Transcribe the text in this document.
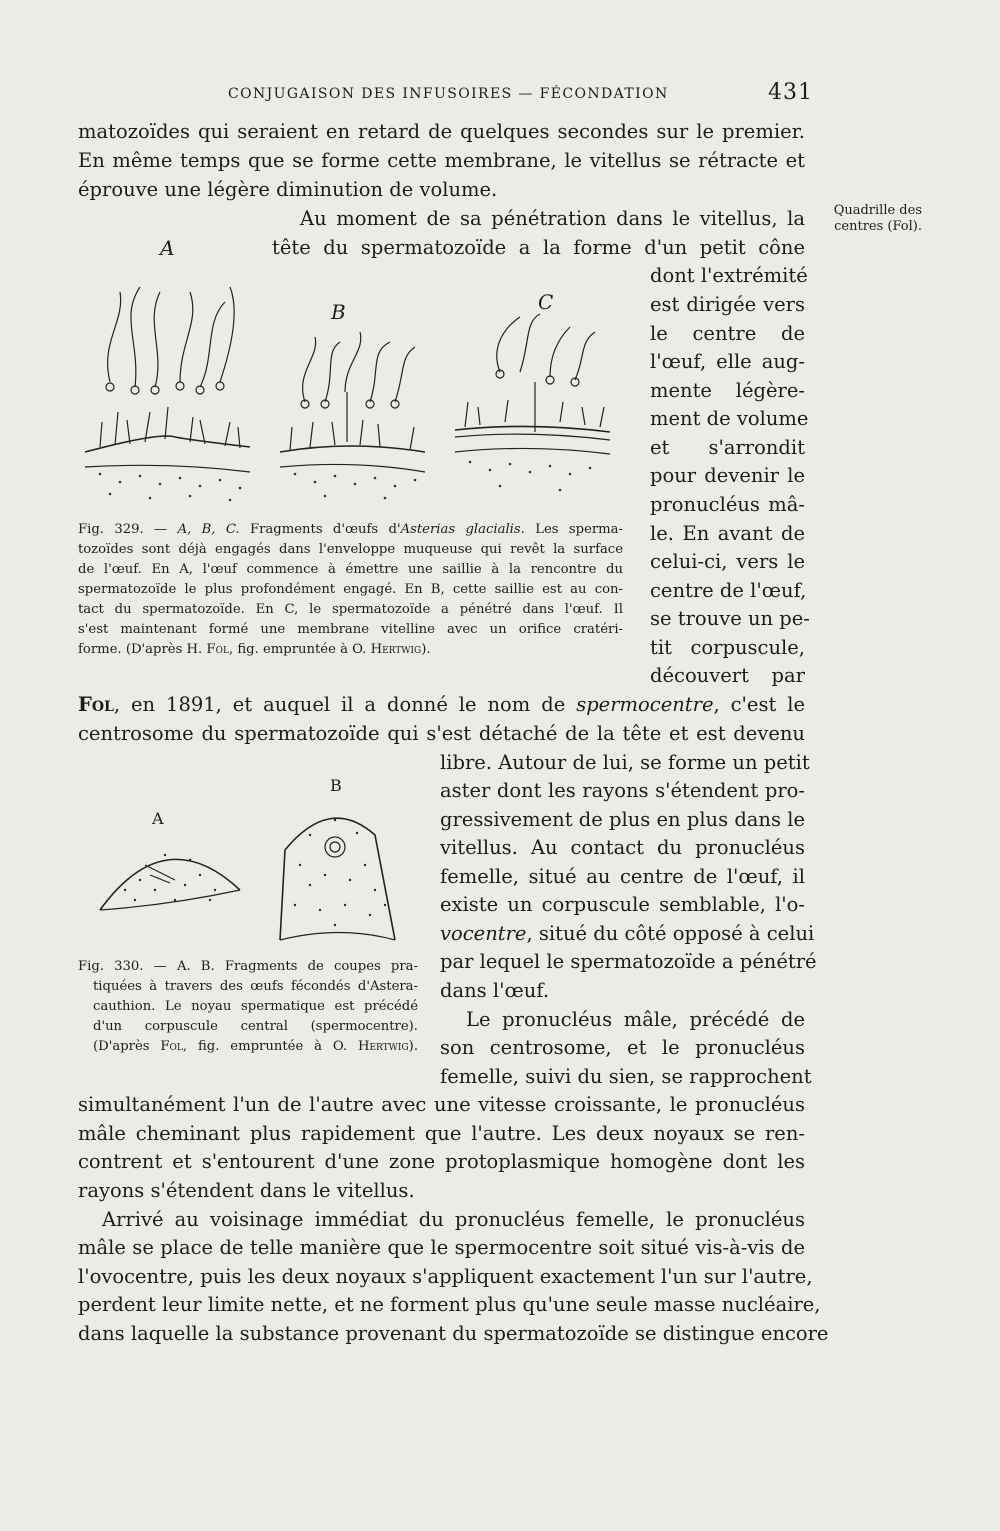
CONJUGAISON DES INFUSOIRES — FÉCONDATION	431
Quadrille des
centres (Fol).
matozoïdes qui seraient en retard de quelques secondes sur le premier.
En même temps que se forme cette membrane, le vitellus se rétracte et
éprouve une légère diminution de volume.
Au moment de sa pénétration dans le vitellus, la
tête du spermatozoïde a la forme d'un petit cône
dont l'extrémité
est dirigée vers
le centre de
l'œuf, elle aug-
mente légère-
ment de volume
et s'arrondit
pour devenir le
pronucléus mâ-
le. En avant de
celui-ci, vers le
centre de l'œuf,
se trouve un pe-
tit corpuscule,
découvert par
Fol, en 1891, et auquel il a donné le nom de spermocentre, c'est le
centrosome du spermatozoïde qui s'est détaché de la tête et est devenu
libre. Autour de lui, se forme un petit
aster dont les rayons s'étendent pro-
gressivement de plus en plus dans le
vitellus. Au contact du pronucléus
femelle, situé au centre de l'œuf, il
existe un corpuscule semblable, l'o-
vocentre, situé du côté opposé à celui
par lequel le spermatozoïde a pénétré
dans l'œuf.
Le pronucléus mâle, précédé de
son centrosome, et le pronucléus
femelle, suivi du sien, se rapprochent
simultanément l'un de l'autre avec une vitesse croissante, le pronucléus
mâle cheminant plus rapidement que l'autre. Les deux noyaux se ren-
contrent et s'entourent d'une zone protoplasmique homogène dont les
rayons s'étendent dans le vitellus.
Arrivé au voisinage immédiat du pronucléus femelle, le pronucléus
mâle se place de telle manière que le spermocentre soit situé vis-à-vis de
l'ovocentre, puis les deux noyaux s'appliquent exactement l'un sur l'autre,
perdent leur limite nette, et ne forment plus qu'une seule masse nucléaire,
dans laquelle la substance provenant du spermatozoïde se distingue encore
A
B	C
Fig. 329. — A, B, C. Fragments d'œufs d'Asterias glacialis. Les sperma-
tozoïdes sont déjà engagés dans l'enveloppe muqueuse qui revêt la surface
de l'œuf. En A, l'œuf commence à émettre une saillie à la rencontre du
spermatozoïde le plus profondément engagé. En B, cette saillie est au con-
tact du spermatozoïde. En C, le spermatozoïde a pénétré dans l'œuf. Il
s'est maintenant formé une membrane vitelline avec un orifice cratéri-
forme. (D'après H. Fol, fig. empruntée à O. Hertwig).
A
B
Fig. 330. — A. B. Fragments de coupes pra-
tiquées à travers des œufs fécondés d'Astera-
cauthion. Le noyau spermatique est précédé
d'un corpuscule central (spermocentre).
(D'après Fol, fig. empruntée à O. Hertwig).
